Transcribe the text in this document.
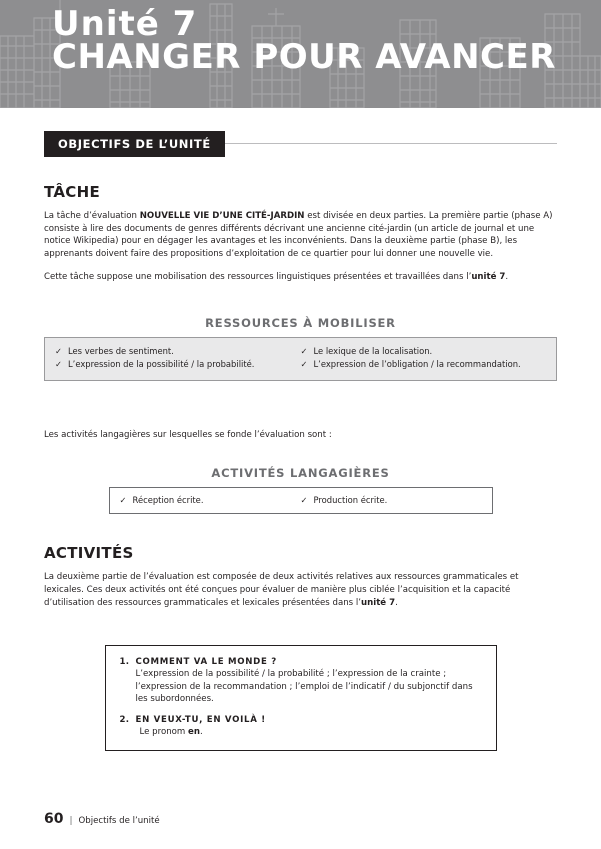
Unité 7
CHANGER POUR AVANCER
OBJECTIFS DE L’UNITÉ
TÂCHE

La tâche d’évaluation NOUVELLE VIE D’UNE CITÉ-JARDIN est divisée en deux parties. La première partie (phase A) consiste à lire des documents de genres différents décrivant une ancienne cité-jardin (un article de journal et une notice Wikipedia) pour en dégager les avantages et les inconvénients. Dans la deuxième partie (phase B), les apprenants doivent faire des propositions d’exploitation de ce quartier pour lui donner une nouvelle vie.

Cette tâche suppose une mobilisation des ressources linguistiques présentées et travaillées dans l’unité 7.

RESSOURCES À MOBILISER
✓ Les verbes de sentiment.
✓ L’expression de la possibilité / la probabilité.
✓ Le lexique de la localisation.
✓ L’expression de l’obligation / la recommandation.

Les activités langagières sur lesquelles se fonde l’évaluation sont :

ACTIVITÉS LANGAGIÈRES
✓ Réception écrite.	✓ Production écrite.
ACTIVITÉS

La deuxième partie de l’évaluation est composée de deux activités relatives aux ressources grammaticales et lexicales. Ces deux activités ont été conçues pour évaluer de manière plus ciblée l’acquisition et la capacité d’utilisation des ressources grammaticales et lexicales présentées dans l’unité 7.

1. COMMENT VA LE MONDE ?
L’expression de la possibilité / la probabilité ; l’expression de la crainte ; l’expression de la recommandation ; l’emploi de l’indicatif / du subjonctif dans les subordonnées.
2. EN VEUX-TU, EN VOILÀ !
Le pronom en.
60 | Objectifs de l’unité
